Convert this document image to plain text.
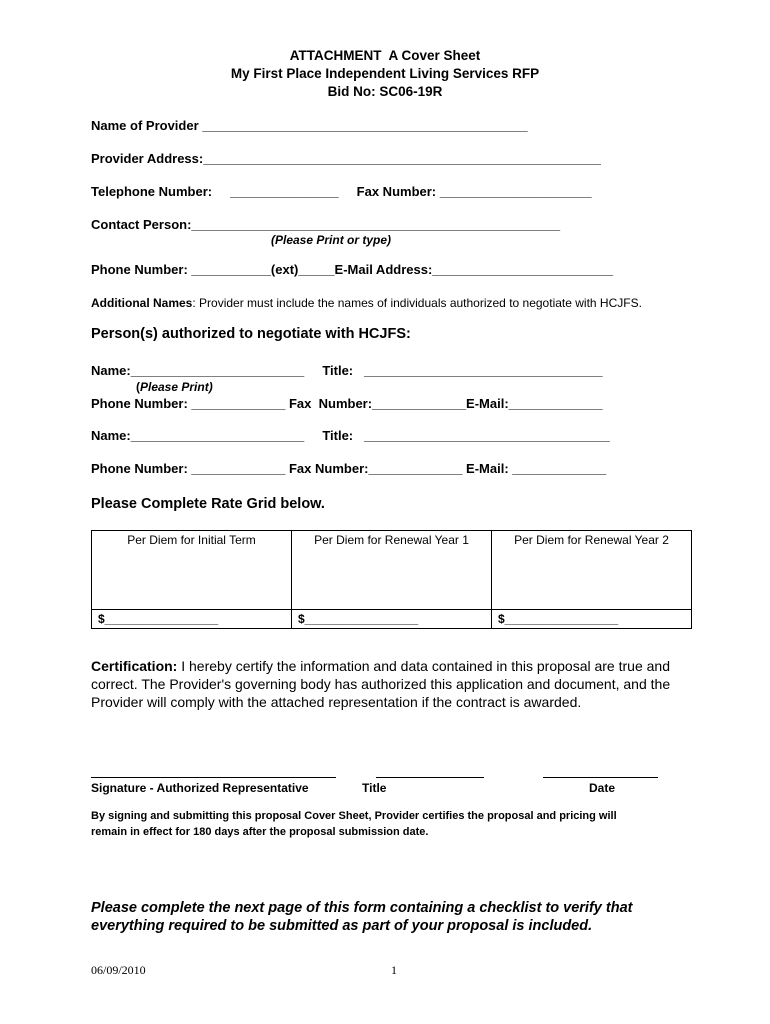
ATTACHMENT  A Cover Sheet
My First Place Independent Living Services RFP
Bid No: SC06-19R
Name of Provider _____________________________________________
Provider Address:_______________________________________________________
Telephone Number:     _______________     Fax Number: _____________________
Contact Person:___________________________________________________
(Please Print or type)
Phone Number: ___________(ext)_____E-Mail Address:_________________________
Additional Names: Provider must include the names of individuals authorized to negotiate with HCJFS.
Person(s) authorized to negotiate with HCJFS:
Name:________________________     Title:   _________________________________
(Please Print)
Phone Number: _____________ Fax  Number:_____________E-Mail:_____________
Name:________________________     Title:   __________________________________
Phone Number: _____________ Fax Number:_____________ E-Mail: _____________
Please Complete Rate Grid below.
Per Diem for Initial Term	Per Diem for Renewal Year 1	Per Diem for Renewal Year 2
$_________________	$_________________	$_________________
Certification: I hereby certify the information and data contained in this proposal are true and correct. The Provider's governing body has authorized this application and document, and the Provider will comply with the attached representation if the contract is awarded.
Signature - Authorized Representative	Title	Date
By signing and submitting this proposal Cover Sheet, Provider certifies the proposal and pricing will
remain in effect for 180 days after the proposal submission date.
Please complete the next page of this form containing a checklist to verify that
everything required to be submitted as part of your proposal is included.
06/09/2010	1
